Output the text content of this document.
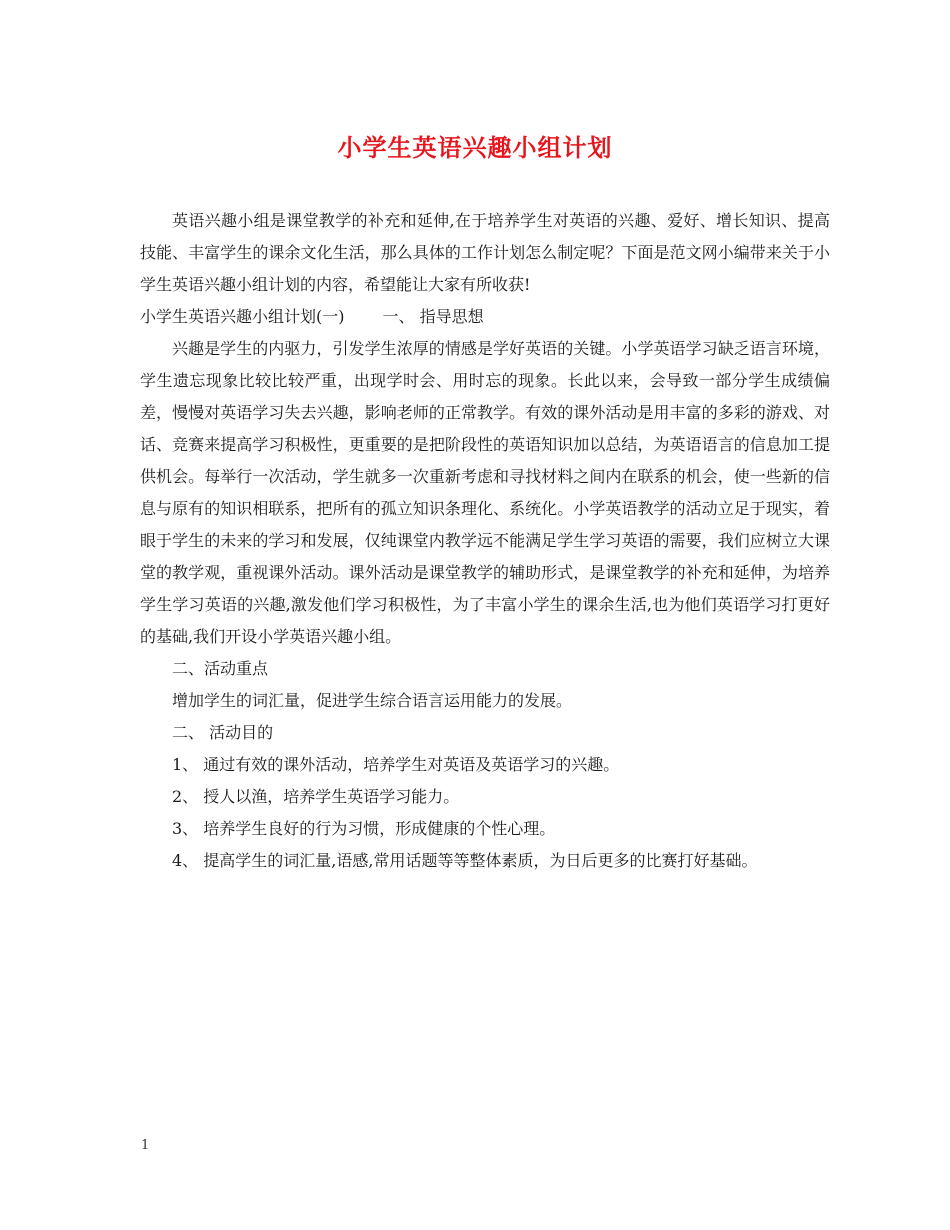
小学生英语兴趣小组计划

英语兴趣小组是课堂教学的补充和延伸,在于培养学生对英语的兴趣、爱好、增长知识、提高技能、丰富学生的课余文化生活，那么具体的工作计划怎么制定呢？下面是范文网小编带来关于小学生英语兴趣小组计划的内容，希望能让大家有所收获!

小学生英语兴趣小组计划(一) 一、 指导思想

兴趣是学生的内驱力，引发学生浓厚的情感是学好英语的关键。小学英语学习缺乏语言环境，学生遗忘现象比较比较严重，出现学时会、用时忘的现象。长此以来，会导致一部分学生成绩偏差，慢慢对英语学习失去兴趣，影响老师的正常教学。有效的课外活动是用丰富的多彩的游戏、对话、竞赛来提高学习积极性，更重要的是把阶段性的英语知识加以总结，为英语语言的信息加工提供机会。每举行一次活动，学生就多一次重新考虑和寻找材料之间内在联系的机会，使一些新的信息与原有的知识相联系，把所有的孤立知识条理化、系统化。小学英语教学的活动立足于现实，着眼于学生的未来的学习和发展，仅纯课堂内教学远不能满足学生学习英语的需要，我们应树立大课堂的教学观，重视课外活动。课外活动是课堂教学的辅助形式，是课堂教学的补充和延伸，为培养学生学习英语的兴趣,激发他们学习积极性，为了丰富小学生的课余生活,也为他们英语学习打更好的基础,我们开设小学英语兴趣小组。

二、活动重点

增加学生的词汇量，促进学生综合语言运用能力的发展。

二、 活动目的

1、 通过有效的课外活动，培养学生对英语及英语学习的兴趣。

2、 授人以渔，培养学生英语学习能力。

3、 培养学生良好的行为习惯，形成健康的个性心理。

4、 提高学生的词汇量,语感,常用话题等等整体素质，为日后更多的比赛打好基础。

1
